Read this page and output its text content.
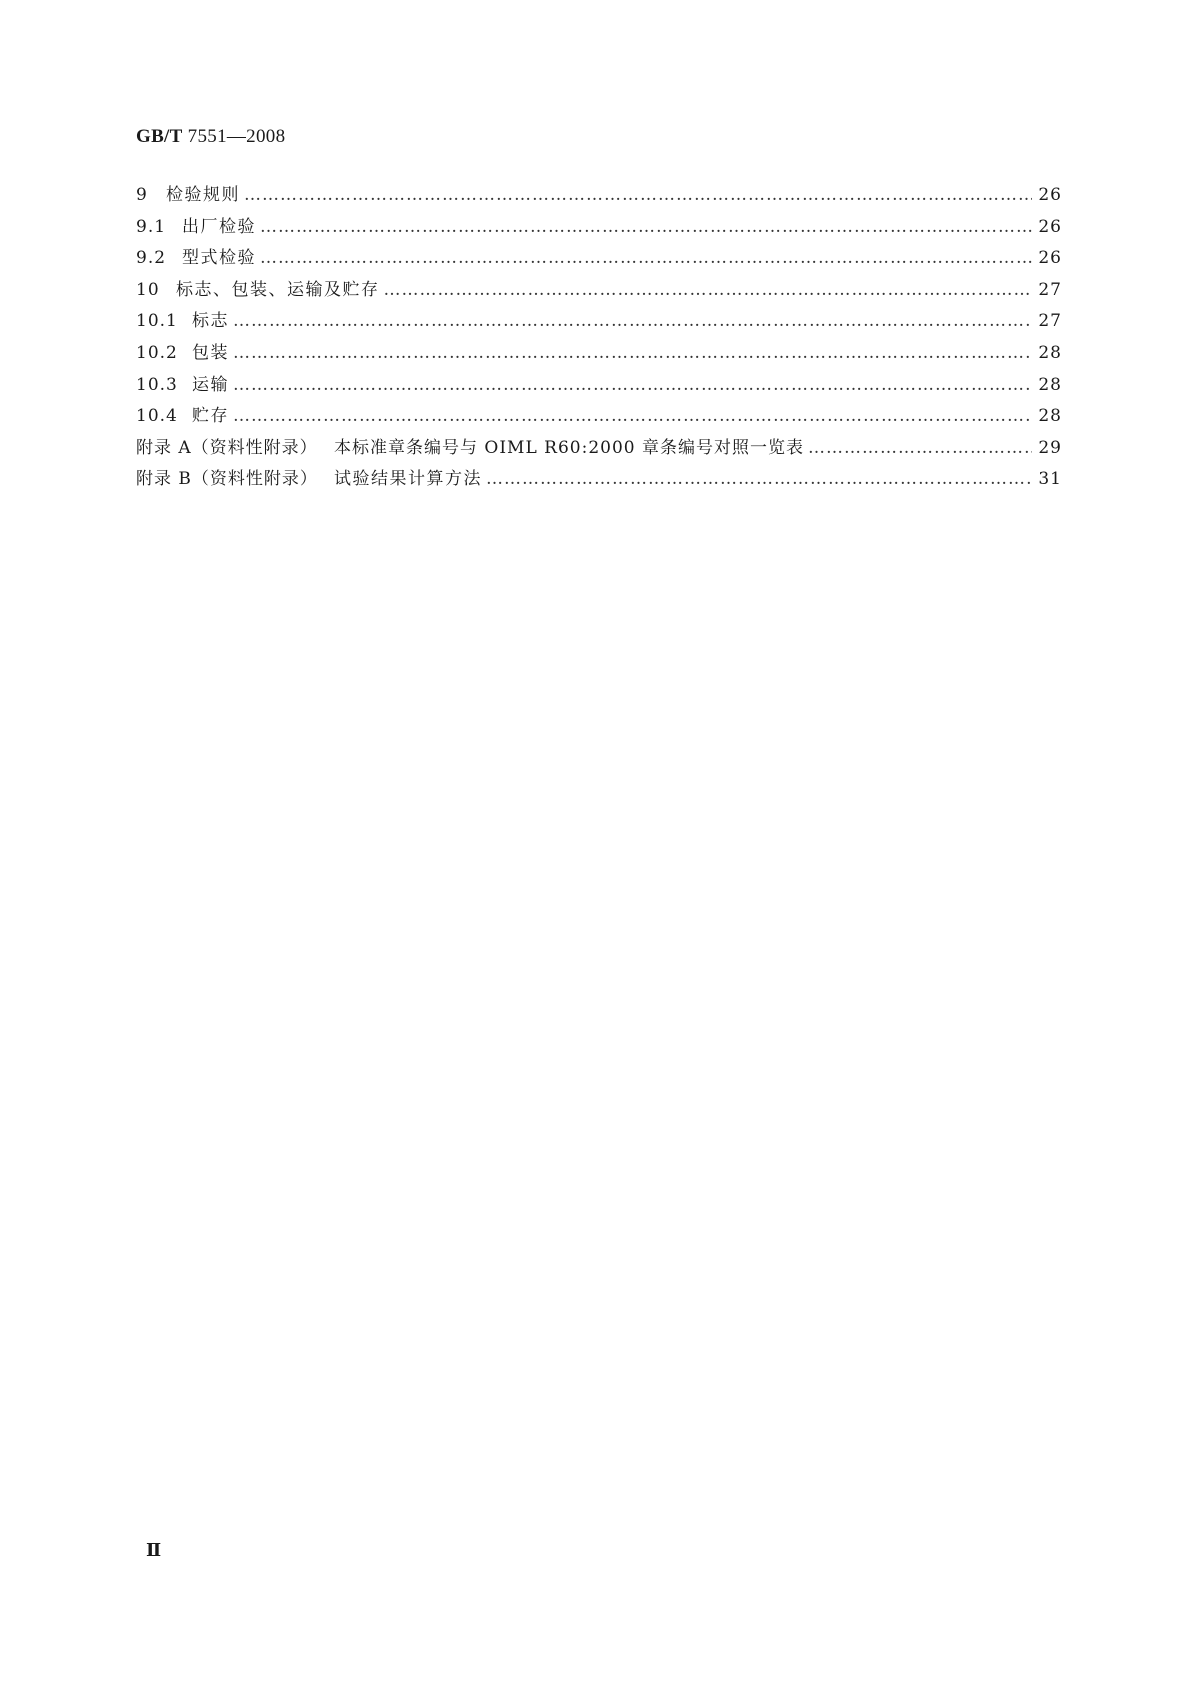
GB/T 7551—2008
9	检验规则 ……………………………………………………………………………………………………………………………………………………………………………………………………	26
9.1 出厂检验 ……………………………………………………………………………………………………………………………………………………………………………………………………	26
9.2 型式检验 ……………………………………………………………………………………………………………………………………………………………………………………………………	26
10 标志、包装、运输及贮存 ……………………………………………………………………………………………………………………………………………………………………………………………………	27
10.1 标志 ……………………………………………………………………………………………………………………………………………………………………………………………………	27
10.2 包装 ……………………………………………………………………………………………………………………………………………………………………………………………………	28
10.3 运输 ……………………………………………………………………………………………………………………………………………………………………………………………………	28
10.4 贮存 ……………………………………………………………………………………………………………………………………………………………………………………………………	28
附录 A（资料性附录） 本标准章条编号与 OIML R60:2000 章条编号对照一览表 ……………………………………………………………………………………………………………………………………………………………………………………………………	29
附录 B（资料性附录） 试验结果计算方法 ……………………………………………………………………………………………………………………………………………………………………………………………………	31
Ⅱ
